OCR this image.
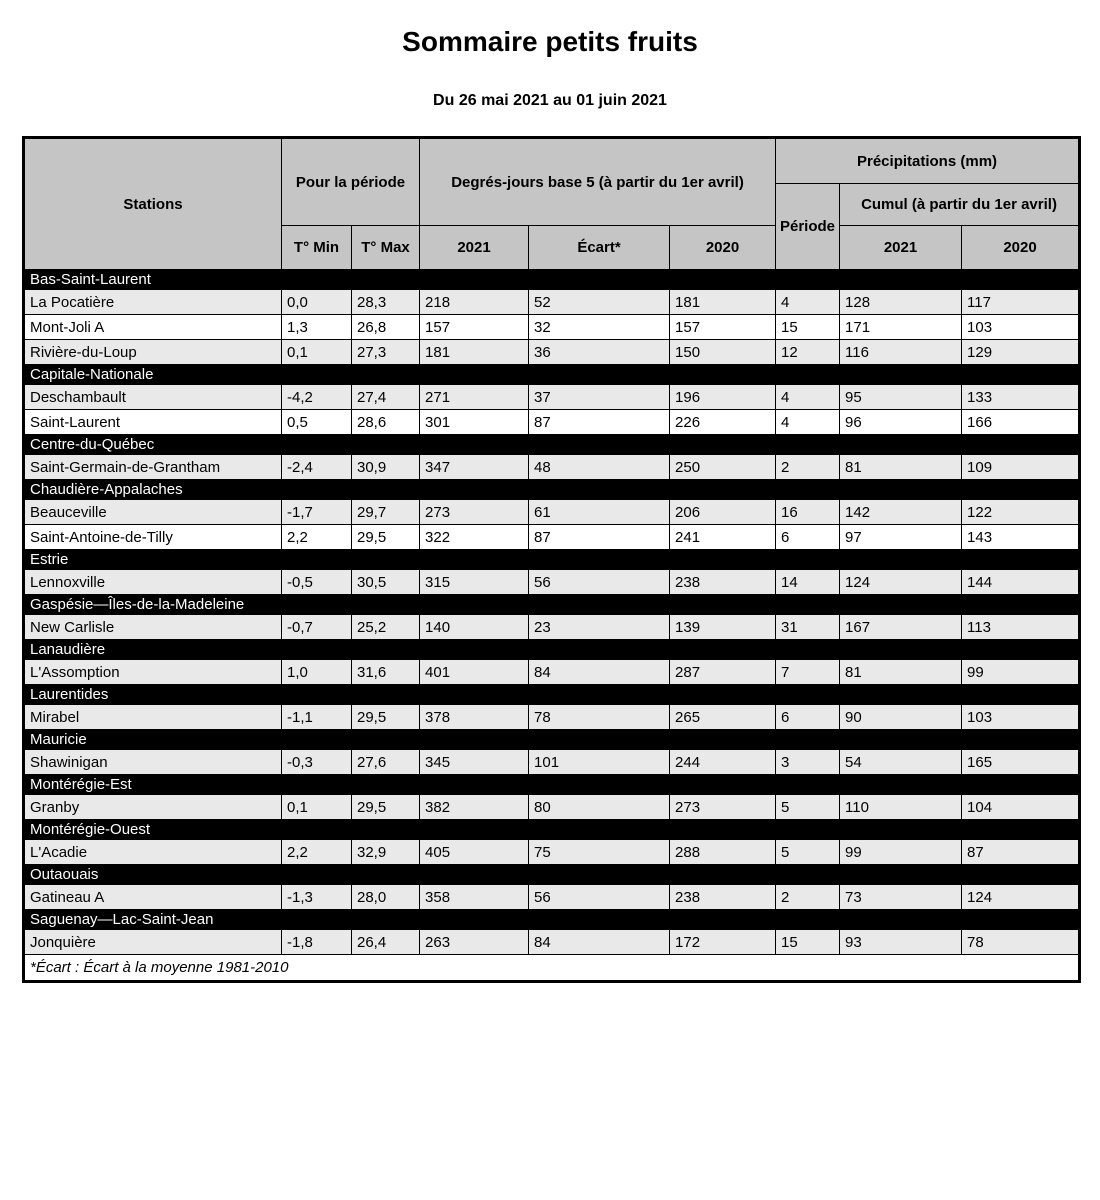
Sommaire petits fruits
Du 26 mai 2021 au 01 juin 2021
Stations	Pour la période		Degrés-jours base 5 (à partir du 1er avril)			Précipitations (mm)		
						Période	Cumul (à partir du 1er avril)	
	T° Min	T° Max	2021	Écart*	2020		2021	2020
Bas-Saint-Laurent								
La Pocatière	0,0	28,3	218	52	181	4	128	117
Mont-Joli A	1,3	26,8	157	32	157	15	171	103
Rivière-du-Loup	0,1	27,3	181	36	150	12	116	129
Capitale-Nationale								
Deschambault	-4,2	27,4	271	37	196	4	95	133
Saint-Laurent	0,5	28,6	301	87	226	4	96	166
Centre-du-Québec								
Saint-Germain-de-Grantham	-2,4	30,9	347	48	250	2	81	109
Chaudière-Appalaches								
Beauceville	-1,7	29,7	273	61	206	16	142	122
Saint-Antoine-de-Tilly	2,2	29,5	322	87	241	6	97	143
Estrie								
Lennoxville	-0,5	30,5	315	56	238	14	124	144
Gaspésie—Îles-de-la-Madeleine								
New Carlisle	-0,7	25,2	140	23	139	31	167	113
Lanaudière								
L'Assomption	1,0	31,6	401	84	287	7	81	99
Laurentides								
Mirabel	-1,1	29,5	378	78	265	6	90	103
Mauricie								
Shawinigan	-0,3	27,6	345	101	244	3	54	165
Montérégie-Est								
Granby	0,1	29,5	382	80	273	5	110	104
Montérégie-Ouest								
L'Acadie	2,2	32,9	405	75	288	5	99	87
Outaouais								
Gatineau A	-1,3	28,0	358	56	238	2	73	124
Saguenay—Lac-Saint-Jean								
Jonquière	-1,8	26,4	263	84	172	15	93	78
*Écart : Écart à la moyenne 1981-2010								
